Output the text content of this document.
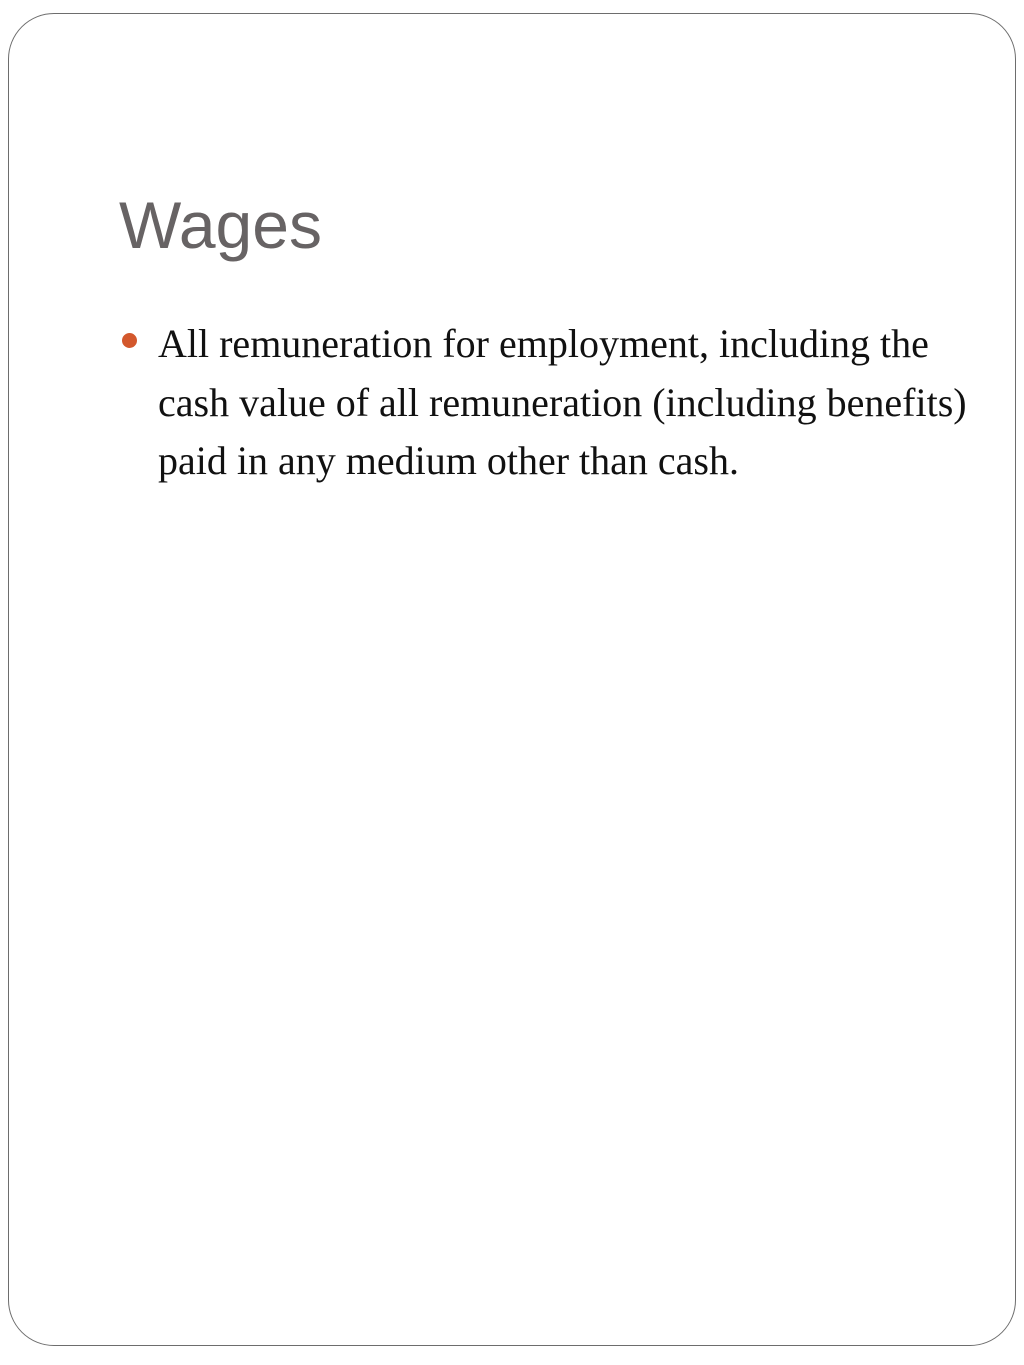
Wages
All remuneration for employment, including the cash value of all remuneration (including benefits) paid in any medium other than cash.
